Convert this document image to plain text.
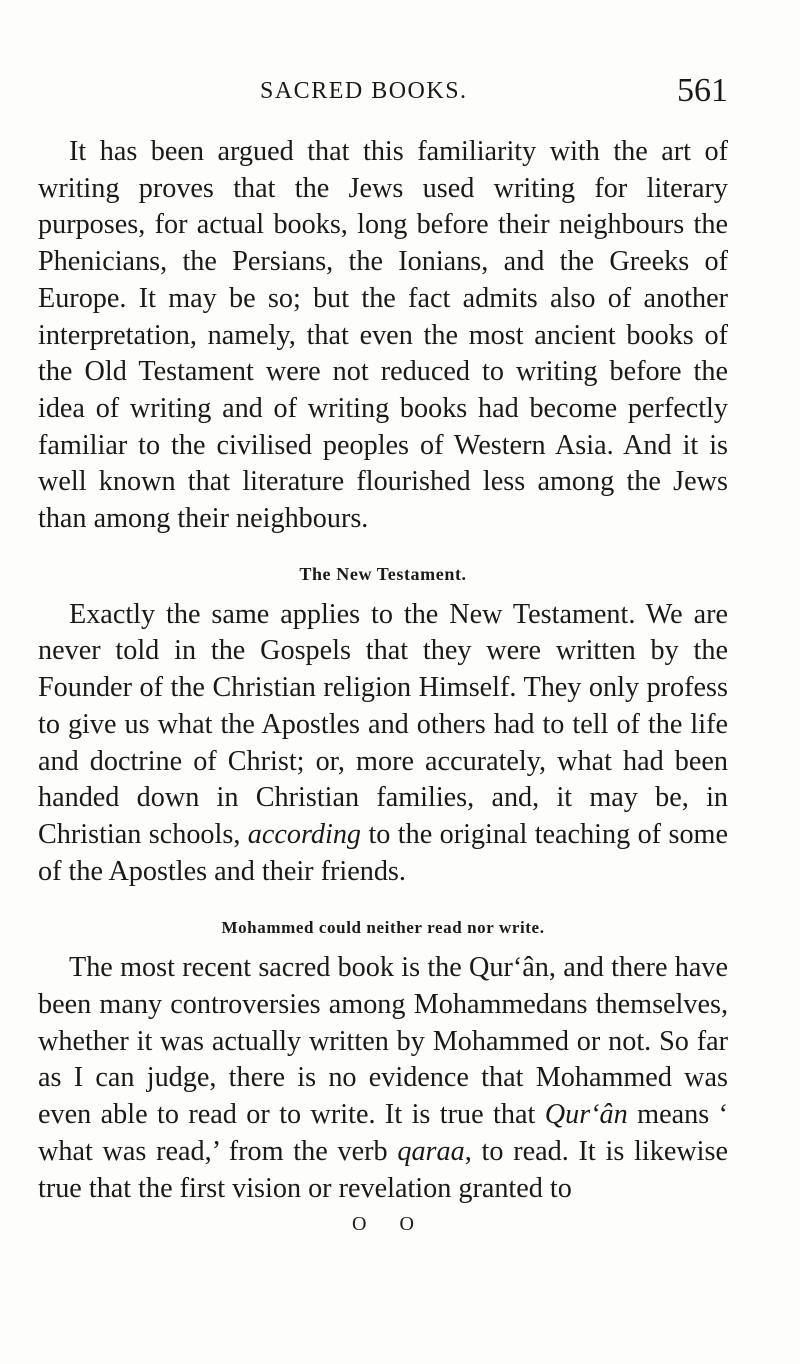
SACRED BOOKS.	561

It has been argued that this familiarity with the art of writing proves that the Jews used writing for literary purposes, for actual books, long before their neighbours the Phenicians, the Persians, the Ionians, and the Greeks of Europe. It may be so; but the fact admits also of another interpretation, namely, that even the most ancient books of the Old Testament were not reduced to writing before the idea of writing and of writing books had become perfectly familiar to the civilised peoples of Western Asia. And it is well known that literature flourished less among the Jews than among their neighbours.

The New Testament.

Exactly the same applies to the New Testament. We are never told in the Gospels that they were written by the Founder of the Christian religion Himself. They only profess to give us what the Apostles and others had to tell of the life and doctrine of Christ; or, more accurately, what had been handed down in Christian families, and, it may be, in Christian schools, according to the original teaching of some of the Apostles and their friends.

Mohammed could neither read nor write.

The most recent sacred book is the Qur‘ân, and there have been many controversies among Mohammedans themselves, whether it was actually written by Mohammed or not. So far as I can judge, there is no evidence that Mohammed was even able to read or to write. It is true that Qur‘ân means ‘ what was read,’ from the verb qaraa, to read. It is likewise true that the first vision or revelation granted to

O O
